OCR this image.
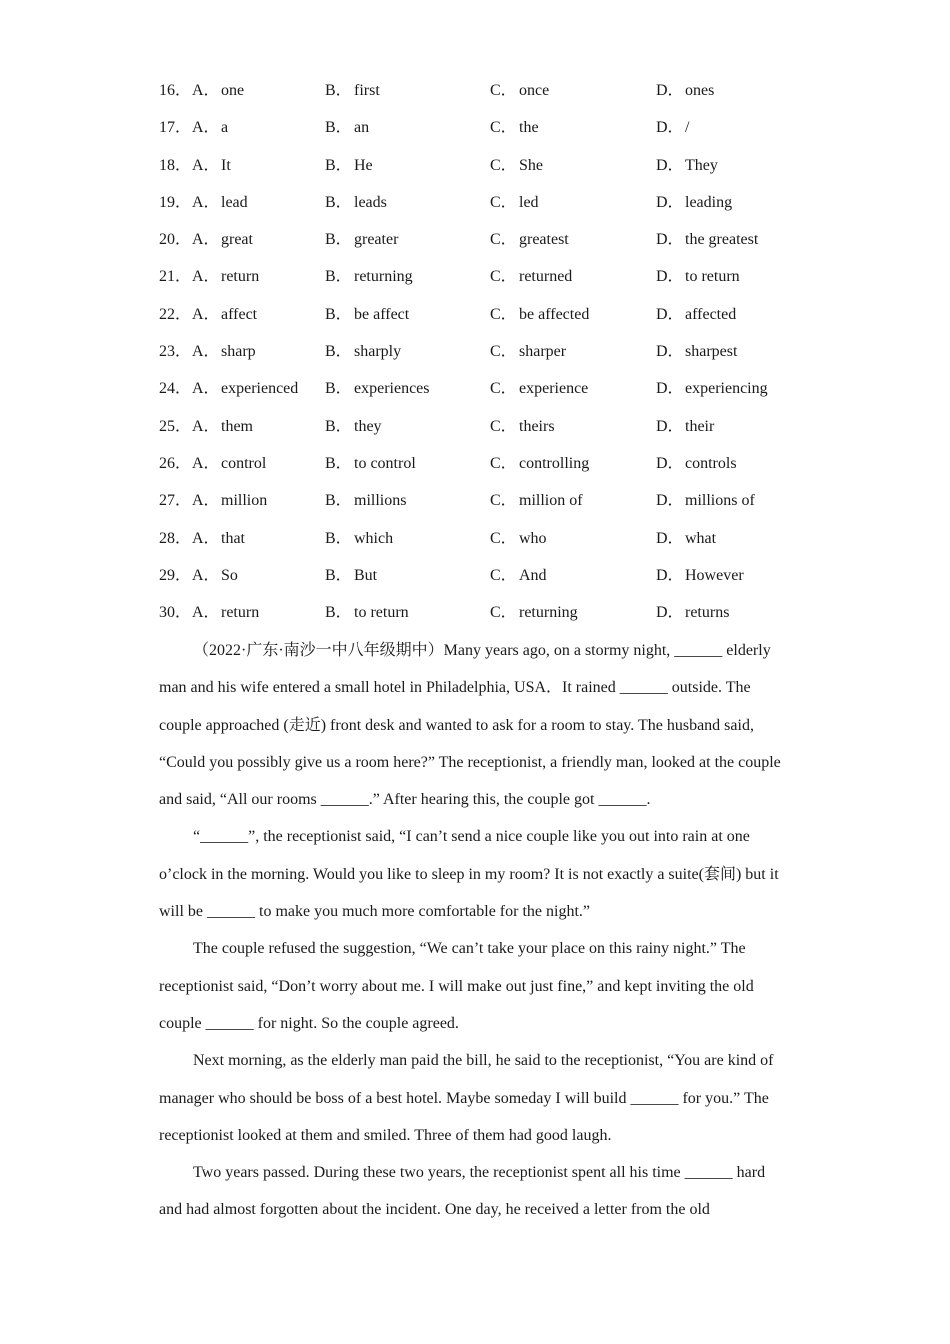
16． A．one	B． first	C． once	D．ones
17． A．a	B． an	C． the	D．/
18． A．It	B． He	C． She	D．They
19． A．lead	B． leads	C． led	D．leading
20． A．great	B． greater	C． greatest	D．the greatest
21． A．return	B． returning	C． returned	D．to return
22． A．affect	B． be affect	C． be affected	D．affected
23． A．sharp	B． sharply	C． sharper	D．sharpest
24． A．experienced B． experiences	C． experience	D．experiencing
25． A．them	B． they	C． theirs	D．their
26． A．control	B． to control	C． controlling	D．controls
27． A．million	B． millions	C． million of	D．millions of
28． A．that	B． which	C． who	D．what
29． A．So	B． But	C． And	D．However
30． A．return	B． to return	C． returning	D．returns

（2022·广东·南沙一中八年级期中）Many years ago, on a stormy night, ______ elderly man and his wife entered a small hotel in Philadelphia, USA．It rained ______ outside. The couple approached (走近) front desk and wanted to ask for a room to stay. The husband said, “Could you possibly give us a room here?” The receptionist, a friendly man, looked at the couple and said, “All our rooms ______.” After hearing this, the couple got ______.

“______”, the receptionist said, “I can’t send a nice couple like you out into rain at one o’clock in the morning. Would you like to sleep in my room? It is not exactly a suite(套间) but it will be ______ to make you much more comfortable for the night.”

The couple refused the suggestion, “We can’t take your place on this rainy night.” The receptionist said, “Don’t worry about me. I will make out just fine,” and kept inviting the old couple ______ for night. So the couple agreed.

Next morning, as the elderly man paid the bill, he said to the receptionist, “You are kind of manager who should be boss of a best hotel. Maybe someday I will build ______ for you.” The receptionist looked at them and smiled. Three of them had good laugh.

Two years passed. During these two years, the receptionist spent all his time ______ hard and had almost forgotten about the incident. One day, he received a letter from the old
